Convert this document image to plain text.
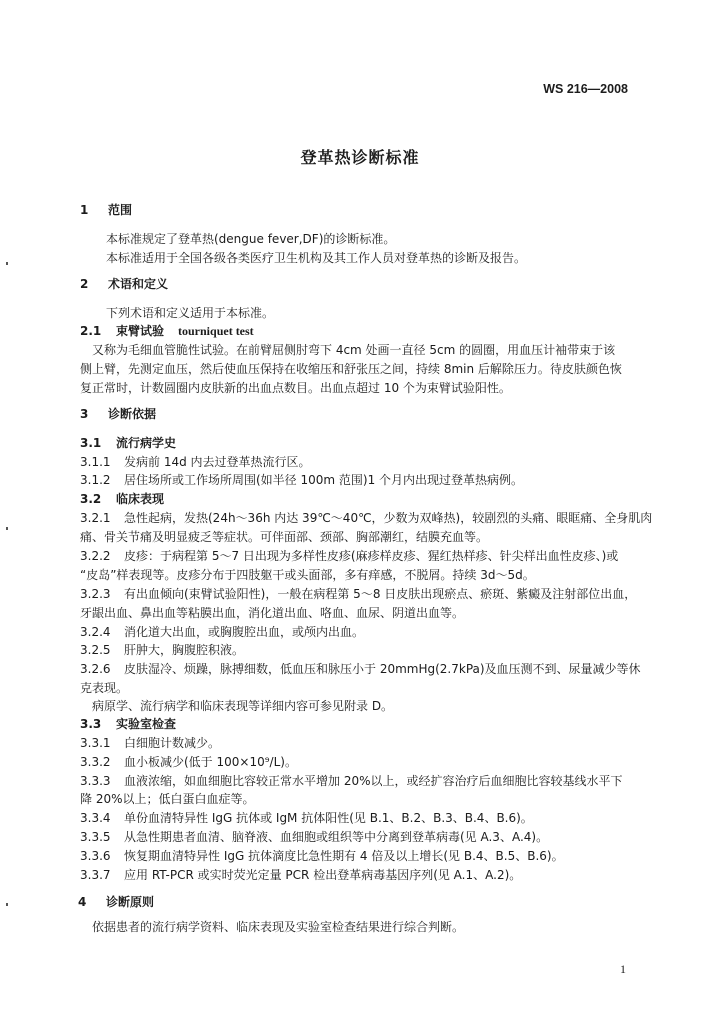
WS 216—2008
登革热诊断标准
1 范围
本标准规定了登革热(dengue fever,DF)的诊断标准。
本标准适用于全国各级各类医疗卫生机构及其工作人员对登革热的诊断及报告。
2 术语和定义
下列术语和定义适用于本标准。
2.1 束臂试验 tourniquet test
又称为毛细血管脆性试验。在前臂屈侧肘弯下 4cm 处画一直径 5cm 的圆圈，用血压计袖带束于该
侧上臂，先测定血压，然后使血压保持在收缩压和舒张压之间，持续 8min 后解除压力。待皮肤颜色恢
复正常时，计数圆圈内皮肤新的出血点数目。出血点超过 10 个为束臂试验阳性。
3 诊断依据
3.1 流行病学史
3.1.1 发病前 14d 内去过登革热流行区。
3.1.2 居住场所或工作场所周围(如半径 100m 范围)1 个月内出现过登革热病例。
3.2 临床表现
3.2.1 急性起病，发热(24h～36h 内达 39℃～40℃，少数为双峰热)，较剧烈的头痛、眼眶痛、全身肌肉
痛、骨关节痛及明显疲乏等症状。可伴面部、颈部、胸部潮红，结膜充血等。
3.2.2 皮疹：于病程第 5～7 日出现为多样性皮疹(麻疹样皮疹、猩红热样疹、针尖样出血性皮疹、)或
“皮岛”样表现等。皮疹分布于四肢躯干或头面部，多有痒感，不脱屑。持续 3d～5d。
3.2.3 有出血倾向(束臂试验阳性)，一般在病程第 5～8 日皮肤出现瘀点、瘀斑、紫癜及注射部位出血，
牙龈出血、鼻出血等粘膜出血，消化道出血、咯血、血尿、阴道出血等。
3.2.4 消化道大出血，或胸腹腔出血，或颅内出血。
3.2.5 肝肿大，胸腹腔积液。
3.2.6 皮肤湿冷、烦躁，脉搏细数，低血压和脉压小于 20mmHg(2.7kPa)及血压测不到、尿量减少等休
克表现。
病原学、流行病学和临床表现等详细内容可参见附录 D。
3.3 实验室检查
3.3.1 白细胞计数减少。
3.3.2 血小板减少(低于 100×10⁹/L)。
3.3.3 血液浓缩，如血细胞比容较正常水平增加 20%以上，或经扩容治疗后血细胞比容较基线水平下
降 20%以上；低白蛋白血症等。
3.3.4 单份血清特异性 IgG 抗体或 IgM 抗体阳性(见 B.1、B.2、B.3、B.4、B.6)。
3.3.5 从急性期患者血清、脑脊液、血细胞或组织等中分离到登革病毒(见 A.3、A.4)。
3.3.6 恢复期血清特异性 IgG 抗体滴度比急性期有 4 倍及以上增长(见 B.4、B.5、B.6)。
3.3.7 应用 RT-PCR 或实时荧光定量 PCR 检出登革病毒基因序列(见 A.1、A.2)。
4 诊断原则
依据患者的流行病学资料、临床表现及实验室检查结果进行综合判断。
1
